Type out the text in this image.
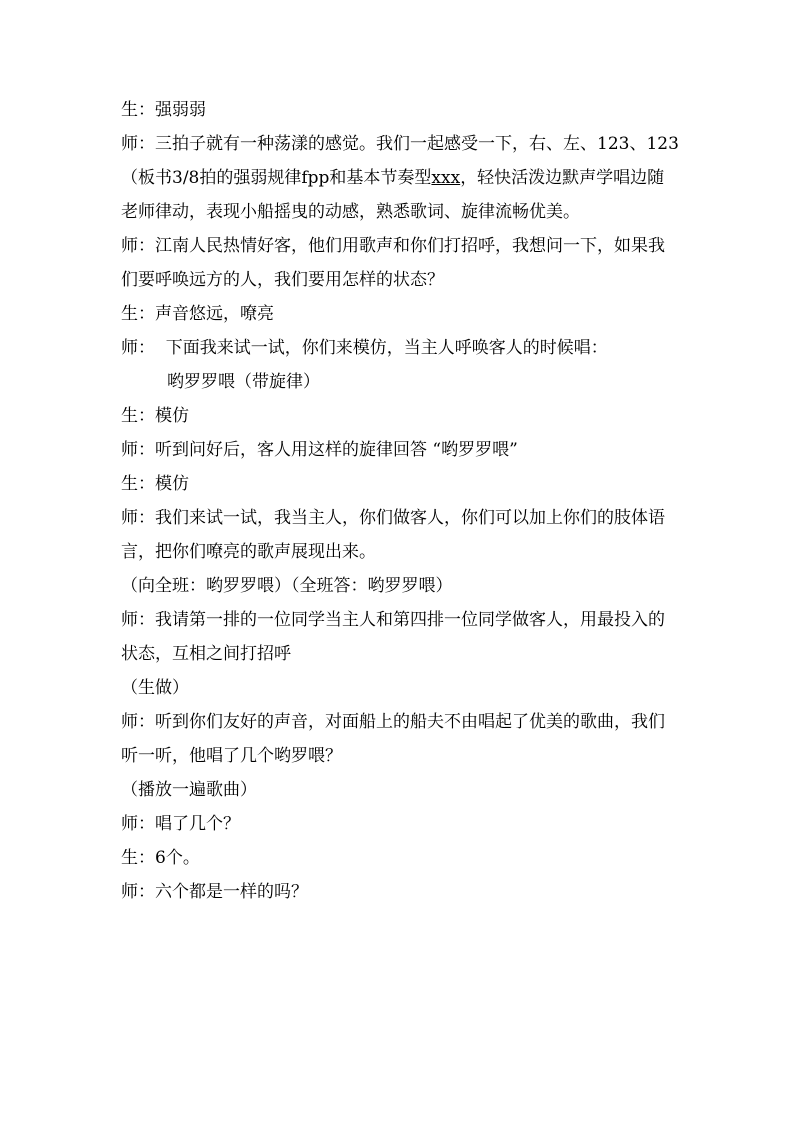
生：强弱弱

师：三拍子就有一种荡漾的感觉。我们一起感受一下，右、左、123、123（板书3/8拍的强弱规律fpp和基本节奏型xxx，轻快活泼边默声学唱边随老师律动，表现小船摇曳的动感，熟悉歌词、旋律流畅优美。

师：江南人民热情好客，他们用歌声和你们打招呼，我想问一下，如果我们要呼唤远方的人，我们要用怎样的状态？

生：声音悠远，嘹亮

师：  下面我来试一试，你们来模仿，当主人呼唤客人的时候唱：

哟罗罗喂（带旋律）

生：模仿

师：听到问好后，客人用这样的旋律回答 “哟罗罗喂”

生：模仿

师：我们来试一试，我当主人，你们做客人，你们可以加上你们的肢体语言，把你们嘹亮的歌声展现出来。

（向全班：哟罗罗喂）（全班答：哟罗罗喂）

师：我请第一排的一位同学当主人和第四排一位同学做客人，用最投入的状态，互相之间打招呼

（生做）

师：听到你们友好的声音，对面船上的船夫不由唱起了优美的歌曲，我们听一听，他唱了几个哟罗喂？

（播放一遍歌曲）

师：唱了几个？

生：6个。

师：六个都是一样的吗？
